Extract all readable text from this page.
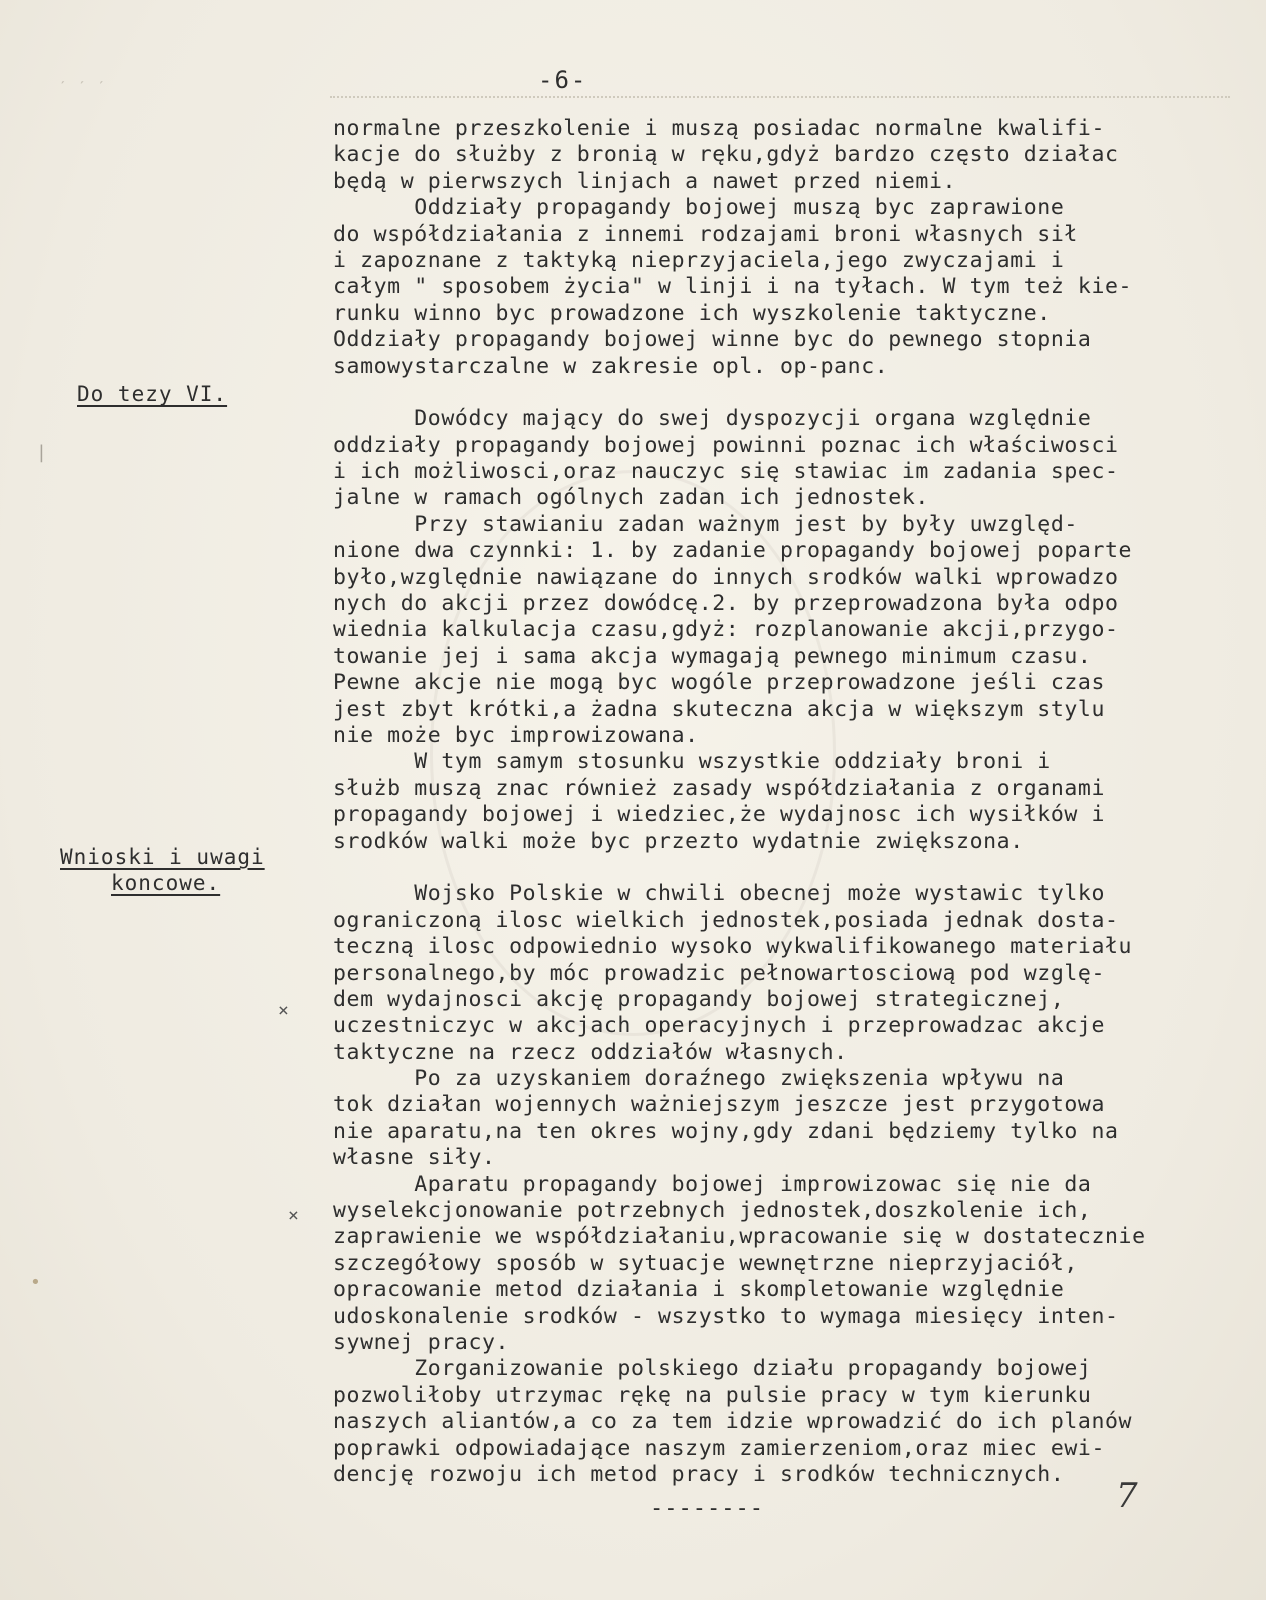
ˊ ˊ ˊ
|
•
-6-
Do tezy VI.
Wnioski i uwagi
koncowe.
×
×
normalne przeszkolenie i muszą posiadac normalne kwalifi-
kacje do służby z bronią w ręku,gdyż bardzo często działac
będą w pierwszych linjach a nawet przed niemi.
Oddziały propagandy bojowej muszą byc zaprawione
do współdziałania z innemi rodzajami broni własnych sił
i zapoznane z taktyką nieprzyjaciela,jego zwyczajami i
całym " sposobem życia" w linji i na tyłach. W tym też kie-
runku winno byc prowadzone ich wyszkolenie taktyczne.
Oddziały propagandy bojowej winne byc do pewnego stopnia
samowystarczalne w zakresie opl. op-panc.
Dowódcy mający do swej dyspozycji organa względnie
oddziały propagandy bojowej powinni poznac ich właściwosci
i ich możliwosci,oraz nauczyc się stawiac im zadania spec-
jalne w ramach ogólnych zadan ich jednostek.
Przy stawianiu zadan ważnym jest by były uwzględ-
nione dwa czynnki: 1. by zadanie propagandy bojowej poparte
było,względnie nawiązane do innych srodków walki wprowadzo
nych do akcji przez dowódcę.2. by przeprowadzona była odpo
wiednia kalkulacja czasu,gdyż: rozplanowanie akcji,przygo-
towanie jej i sama akcja wymagają pewnego minimum czasu.
Pewne akcje nie mogą byc wogóle przeprowadzone jeśli czas
jest zbyt krótki,a żadna skuteczna akcja w większym stylu
nie może byc improwizowana.
W tym samym stosunku wszystkie oddziały broni i
służb muszą znac również zasady współdziałania z organami
propagandy bojowej i wiedziec,że wydajnosc ich wysiłków i
srodków walki może byc przezto wydatnie zwiększona.
Wojsko Polskie w chwili obecnej może wystawic tylko
ograniczoną ilosc wielkich jednostek,posiada jednak dosta-
teczną ilosc odpowiednio wysoko wykwalifikowanego materiału
personalnego,by móc prowadzic pełnowartosciową pod wzglę-
dem wydajnosci akcję propagandy bojowej strategicznej,
uczestniczyc w akcjach operacyjnych i przeprowadzac akcje
taktyczne na rzecz oddziałów własnych.
Po za uzyskaniem doraźnego zwiększenia wpływu na
tok działan wojennych ważniejszym jeszcze jest przygotowa
nie aparatu,na ten okres wojny,gdy zdani będziemy tylko na
własne siły.
Aparatu propagandy bojowej improwizowac się nie da
wyselekcjonowanie potrzebnych jednostek,doszkolenie ich,
zaprawienie we współdziałaniu,wpracowanie się w dostatecznie
szczegółowy sposób w sytuacje wewnętrzne nieprzyjaciół,
opracowanie metod działania i skompletowanie względnie
udoskonalenie srodków - wszystko to wymaga miesięcy inten-
sywnej pracy.
Zorganizowanie polskiego działu propagandy bojowej
pozwoliłoby utrzymac rękę na pulsie pracy w tym kierunku
naszych aliantów,a co za tem idzie wprowadzić do ich planów
poprawki odpowiadające naszym zamierzeniom,oraz miec ewi-
dencję rozwoju ich metod pracy i srodków technicznych.
--------	7
